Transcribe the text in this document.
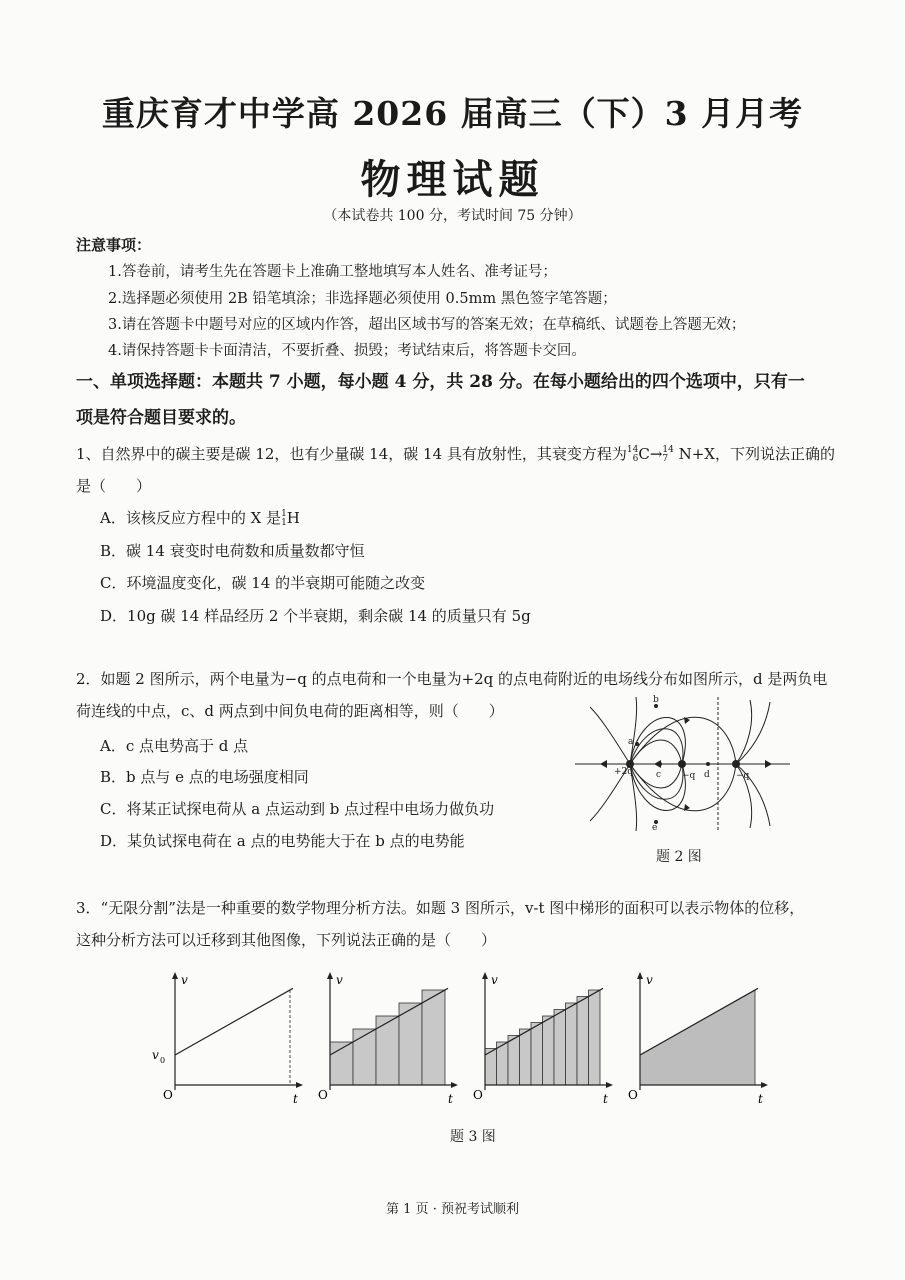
重庆育才中学高 2026 届高三（下）3 月月考
物理试题
（本试卷共 100 分，考试时间 75 分钟）
注意事项：
1.答卷前，请考生先在答题卡上准确工整地填写本人姓名、准考证号；
2.选择题必须使用 2B 铅笔填涂；非选择题必须使用 0.5mm 黑色签字笔答题；
3.请在答题卡中题号对应的区域内作答，超出区域书写的答案无效；在草稿纸、试题卷上答题无效；
4.请保持答题卡卡面清洁，不要折叠、损毁；考试结束后，将答题卡交回。
一、单项选择题：本题共 7 小题，每小题 4 分，共 28 分。在每小题给出的四个选项中，只有一
项是符合题目要求的。
1、自然界中的碳主要是碳 12，也有少量碳 14，碳 14 具有放射性，其衰变方程为 14
6 C→ 14
7 N+X，下列说法正确的
是（　　）
A．该核反应方程中的 X 是 1
1 H
B．碳 14 衰变时电荷数和质量数都守恒
C．环境温度变化，碳 14 的半衰期可能随之改变
D．10g 碳 14 样品经历 2 个半衰期，剩余碳 14 的质量只有 5g
2．如题 2 图所示，两个电量为−q 的点电荷和一个电量为+2q 的点电荷附近的电场线分布如图所示，d 是两负电
荷连线的中点，c、d 两点到中间负电荷的距离相等，则（　　）
A．c 点电势高于 d 点
B．b 点与 e 点的电场强度相同
C．将某正试探电荷从 a 点运动到 b 点过程中电场力做负功
D．某负试探电荷在 a 点的电势能大于在 b 点的电势能
+2q	−q	−q
a
b
c	d
e
题 2 图
3．“无限分割”法是一种重要的数学物理分析方法。如题 3 图所示，v-t 图中梯形的面积可以表示物体的位移，
这种分析方法可以迁移到其他图像，下列说法正确的是（　　）
v 0
v
t
O
v
t
O
v
t
O
v
t
O
题 3 图
第 1 页 · 预祝考试顺利
